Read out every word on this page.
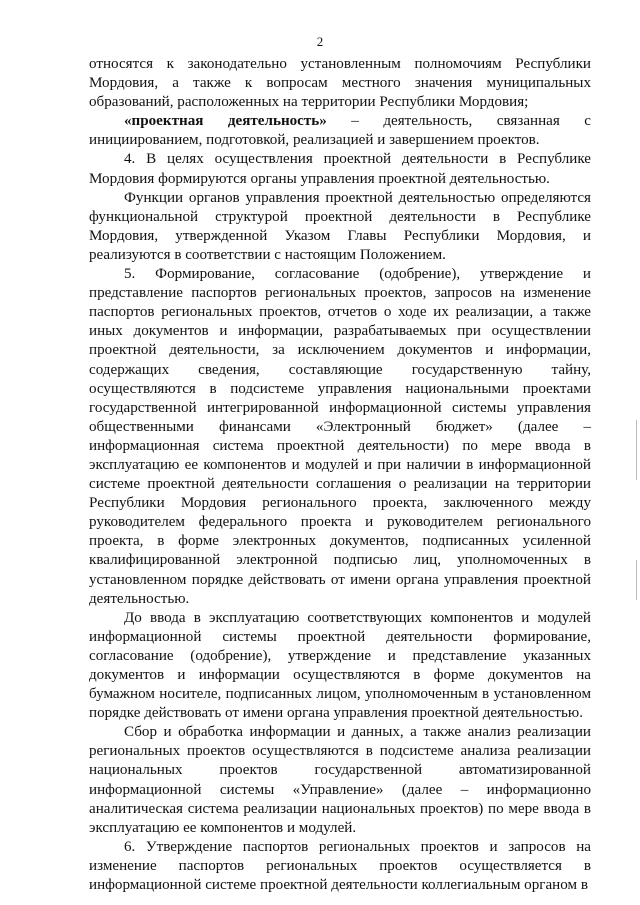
2

относятся к законодательно установленным полномочиям Республики Мордовия, а также к вопросам местного значения муниципальных образований, расположенных на территории Республики Мордовия;

«проектная деятельность» – деятельность, связанная с инициированием, подготовкой, реализацией и завершением проектов.

4. В целях осуществления проектной деятельности в Республике Мордовия формируются органы управления проектной деятельностью.

Функции органов управления проектной деятельностью определяются функциональной структурой проектной деятельности в Республике Мордовия, утвержденной Указом Главы Республики Мордовия, и реализуются в соответствии с настоящим Положением.

5. Формирование, согласование (одобрение), утверждение и представление паспортов региональных проектов, запросов на изменение паспортов региональных проектов, отчетов о ходе их реализации, а также иных документов и информации, разрабатываемых при осуществлении проектной деятельности, за исключением документов и информации, содержащих сведения, составляющие государственную тайну, осуществляются в подсистеме управления национальными проектами государственной интегрированной информационной системы управления общественными финансами «Электронный бюджет» (далее – информационная система проектной деятельности) по мере ввода в эксплуатацию ее компонентов и модулей и при наличии в информационной системе проектной деятельности соглашения о реализации на территории Республики Мордовия регионального проекта, заключенного между руководителем федерального проекта и руководителем регионального проекта, в форме электронных документов, подписанных усиленной квалифицированной электронной подписью лиц, уполномоченных в установленном порядке действовать от имени органа управления проектной деятельностью.

До ввода в эксплуатацию соответствующих компонентов и модулей информационной системы проектной деятельности формирование, согласование (одобрение), утверждение и представление указанных документов и информации осуществляются в форме документов на бумажном носителе, подписанных лицом, уполномоченным в установленном порядке действовать от имени органа управления проектной деятельностью.

Сбор и обработка информации и данных, а также анализ реализации региональных проектов осуществляются в подсистеме анализа реализации национальных проектов государственной автоматизированной информационной системы «Управление» (далее – информационно аналитическая система реализации национальных проектов) по мере ввода в эксплуатацию ее компонентов и модулей.

6. Утверждение паспортов региональных проектов и запросов на изменение паспортов региональных проектов осуществляется в информационной системе проектной деятельности коллегиальным органом в
